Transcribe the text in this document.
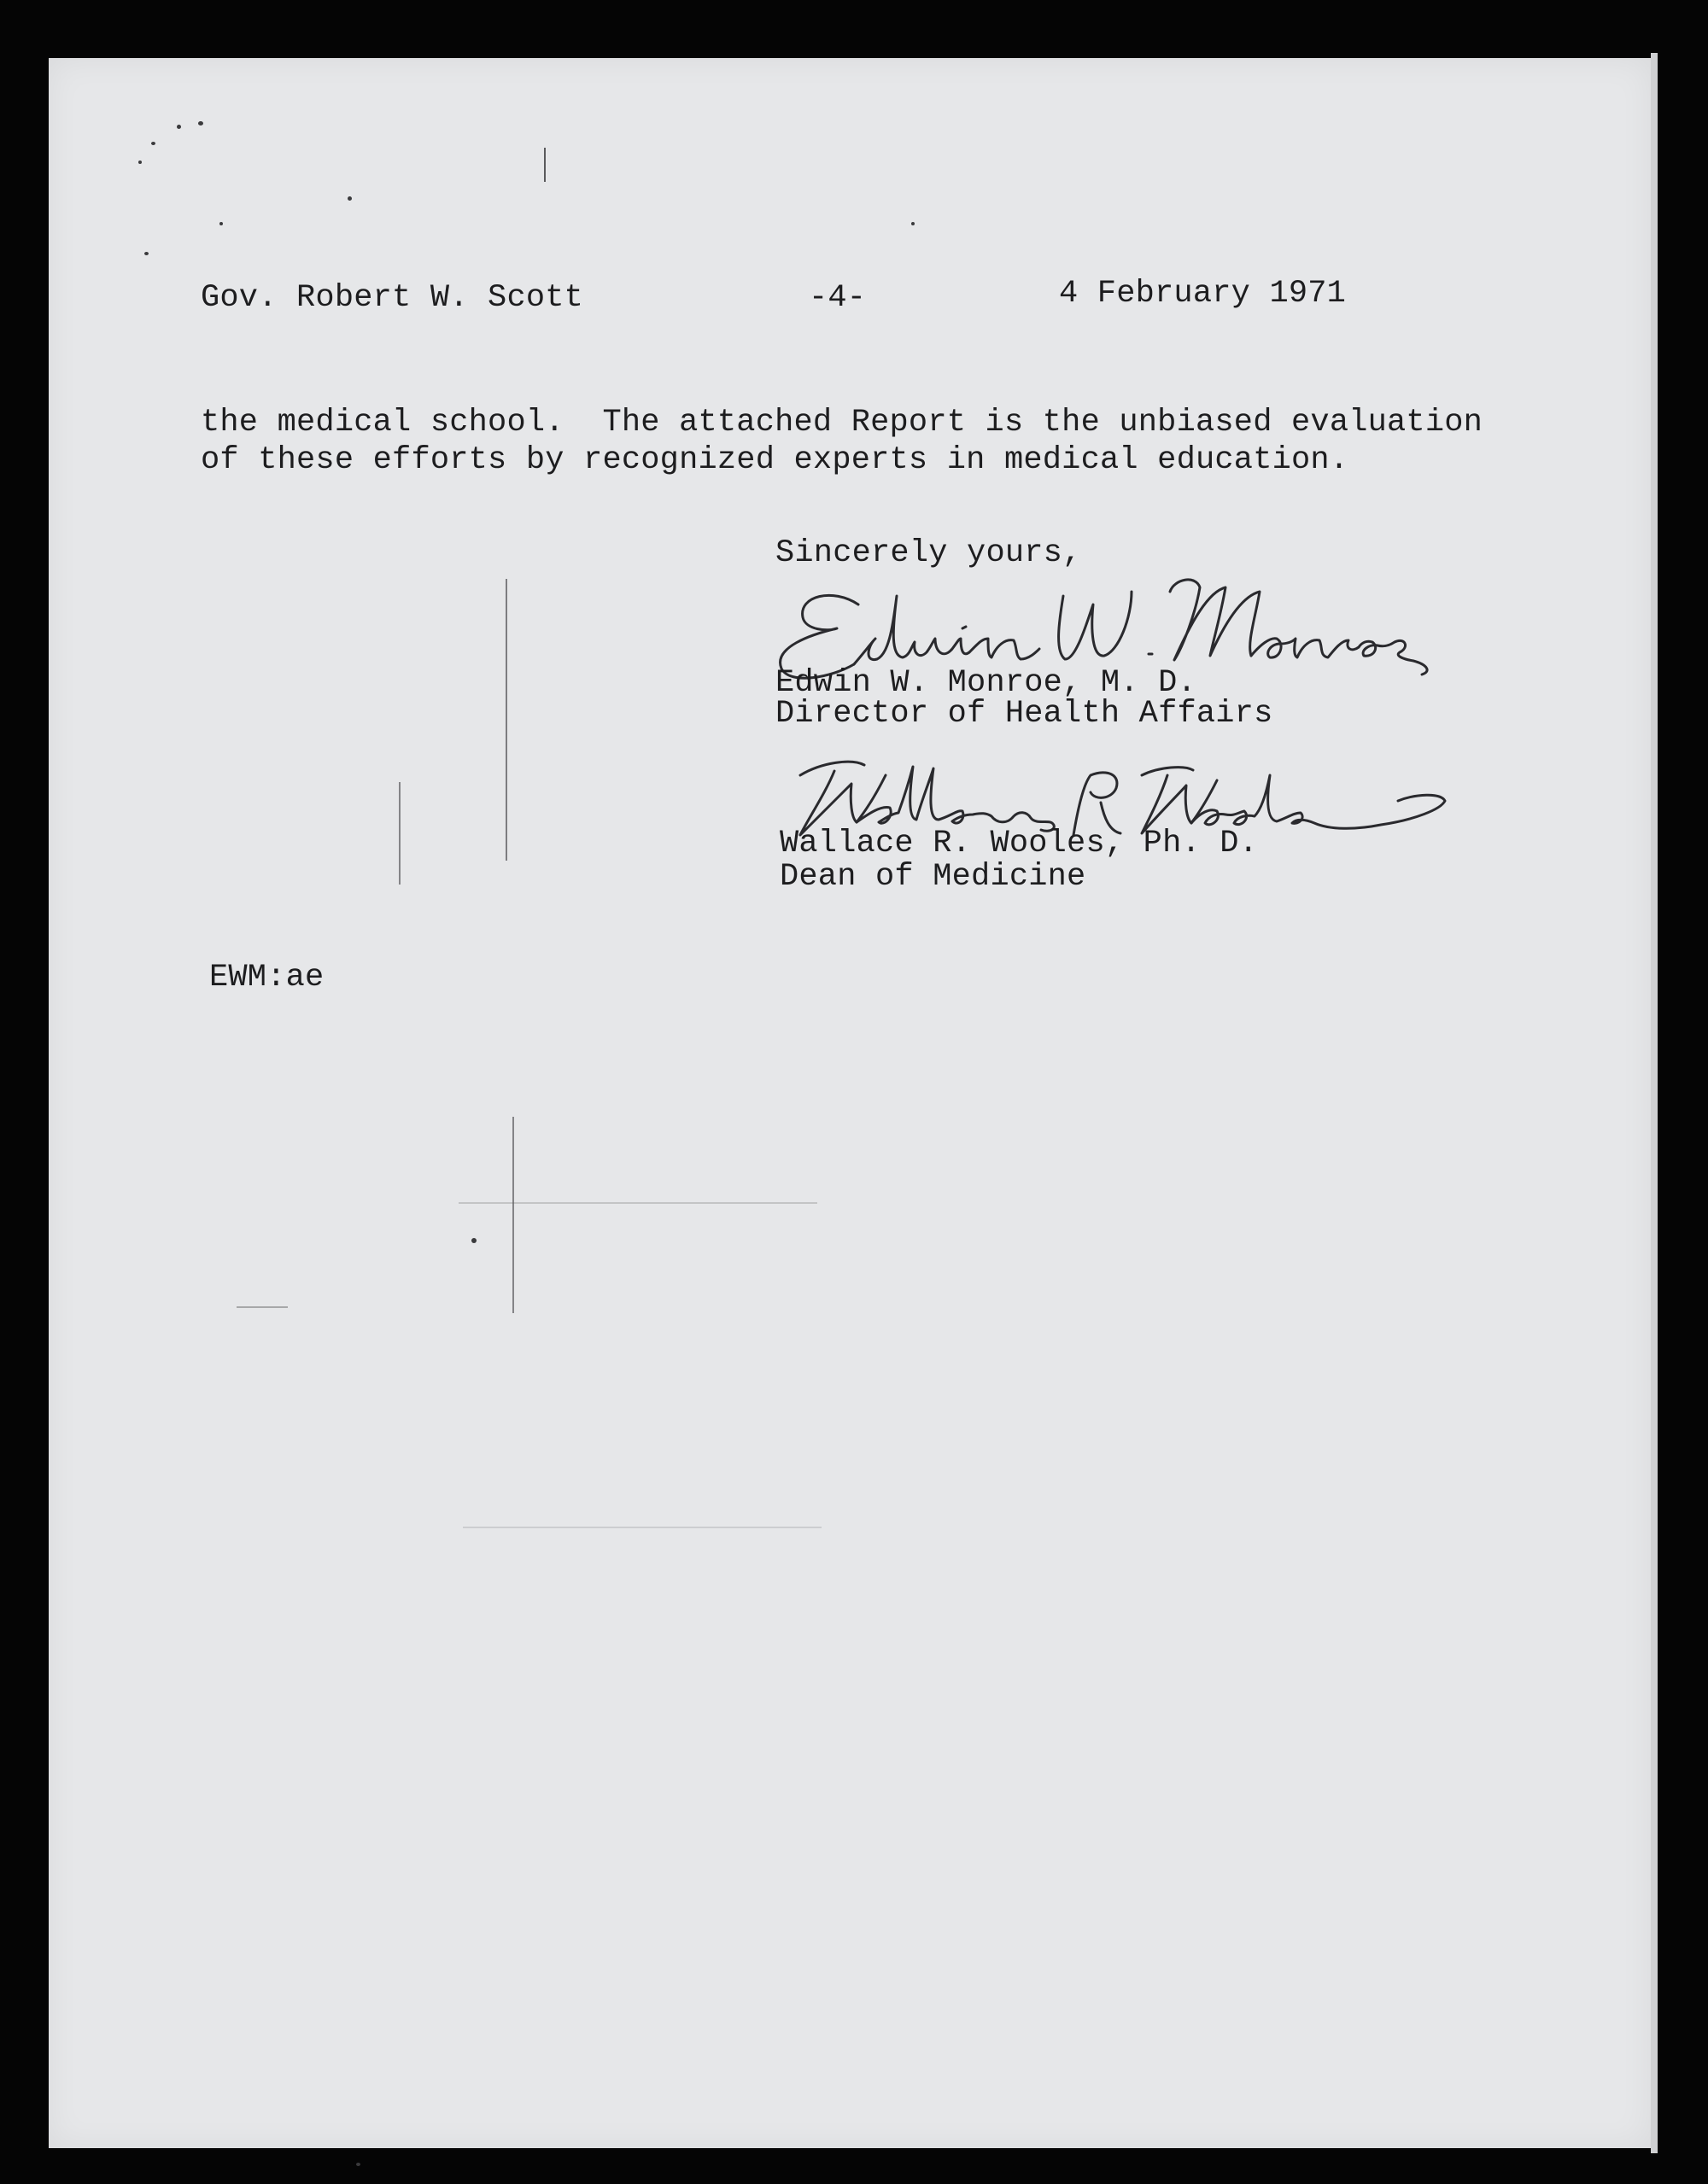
Gov. Robert W. Scott	-4-	4 February 1971
the medical school.  The attached Report is the unbiased evaluation
of these efforts by recognized experts in medical education.
Sincerely yours,
Edwin W. Monroe, M. D.
Director of Health Affairs
Wallace R. Wooles, Ph. D.
Dean of Medicine
EWM:ae
